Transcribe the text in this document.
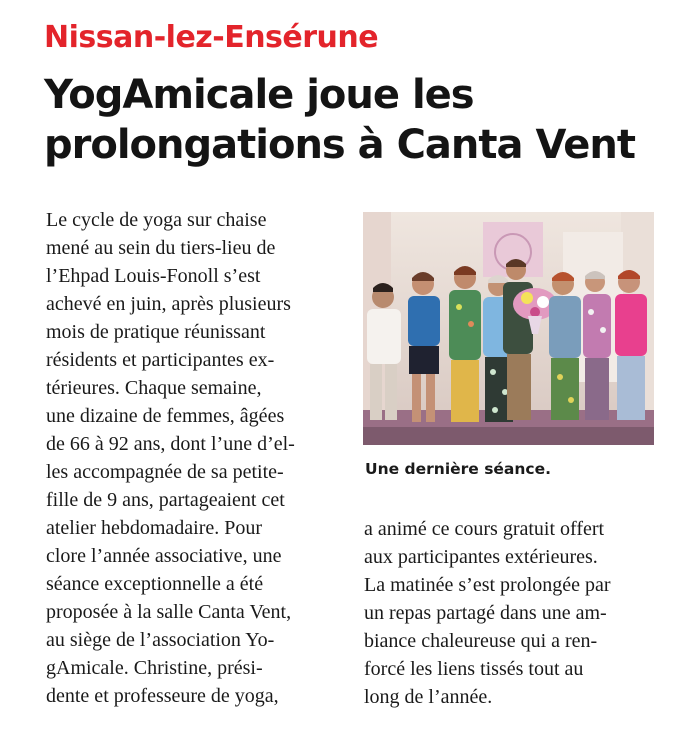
Nissan-lez-Ensérune
YogAmicale joue les
prolongations à Canta Vent
Le cycle de yoga sur chaise
mené au sein du tiers-lieu de
l’Ehpad Louis-Fonoll s’est
achevé en juin, après plusieurs
mois de pratique réunissant
résidents et participantes ex-
térieures. Chaque semaine,
une dizaine de femmes, âgées
de 66 à 92 ans, dont l’une d’el-
les accompagnée de sa petite-
fille de 9 ans, partageaient cet
atelier hebdomadaire. Pour
clore l’année associative, une
séance exceptionnelle a été
proposée à la salle Canta Vent,
au siège de l’association Yo-
gAmicale. Christine, prési-
dente et professeure de yoga,
Une dernière séance.
a animé ce cours gratuit offert
aux participantes extérieures.
La matinée s’est prolongée par
un repas partagé dans une am-
biance chaleureuse qui a ren-
forcé les liens tissés tout au
long de l’année.
